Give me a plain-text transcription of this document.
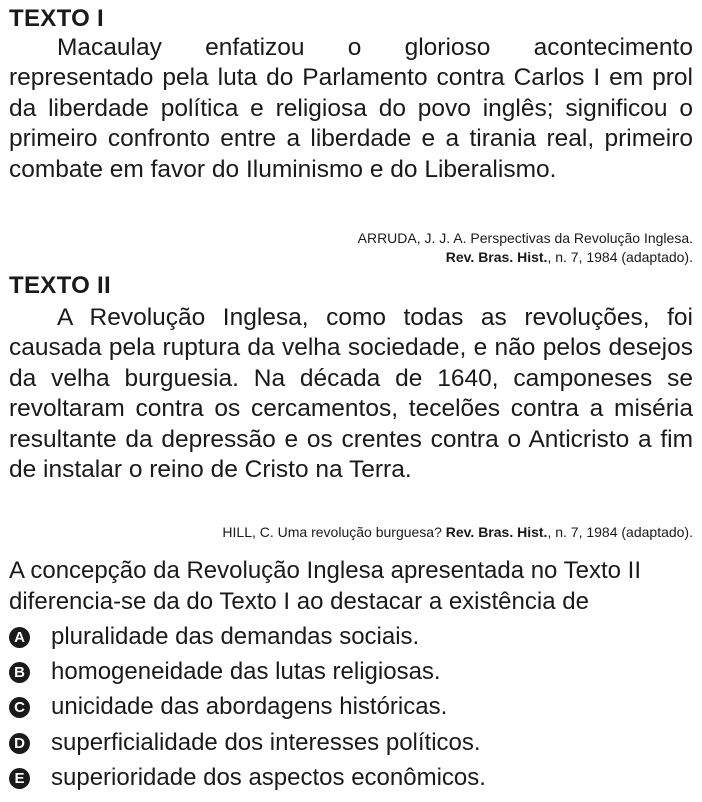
TEXTO I
Macaulay enfatizou o glorioso acontecimento representado pela luta do Parlamento contra Carlos I em prol da liberdade política e religiosa do povo inglês; significou o primeiro confronto entre a liberdade e a tirania real, primeiro combate em favor do Iluminismo e do Liberalismo.
ARRUDA, J. J. A. Perspectivas da Revolução Inglesa.
Rev. Bras. Hist., n. 7, 1984 (adaptado).
TEXTO II
A Revolução Inglesa, como todas as revoluções, foi causada pela ruptura da velha sociedade, e não pelos desejos da velha burguesia. Na década de 1640, camponeses se revoltaram contra os cercamentos, tecelões contra a miséria resultante da depressão e os crentes contra o Anticristo a fim de instalar o reino de Cristo na Terra.
HILL, C. Uma revolução burguesa? Rev. Bras. Hist., n. 7, 1984 (adaptado).
A concepção da Revolução Inglesa apresentada no Texto II diferencia-se da do Texto I ao destacar a existência de
A pluralidade das demandas sociais.
B homogeneidade das lutas religiosas.
C unicidade das abordagens históricas.
D superficialidade dos interesses políticos.
E superioridade dos aspectos econômicos.
